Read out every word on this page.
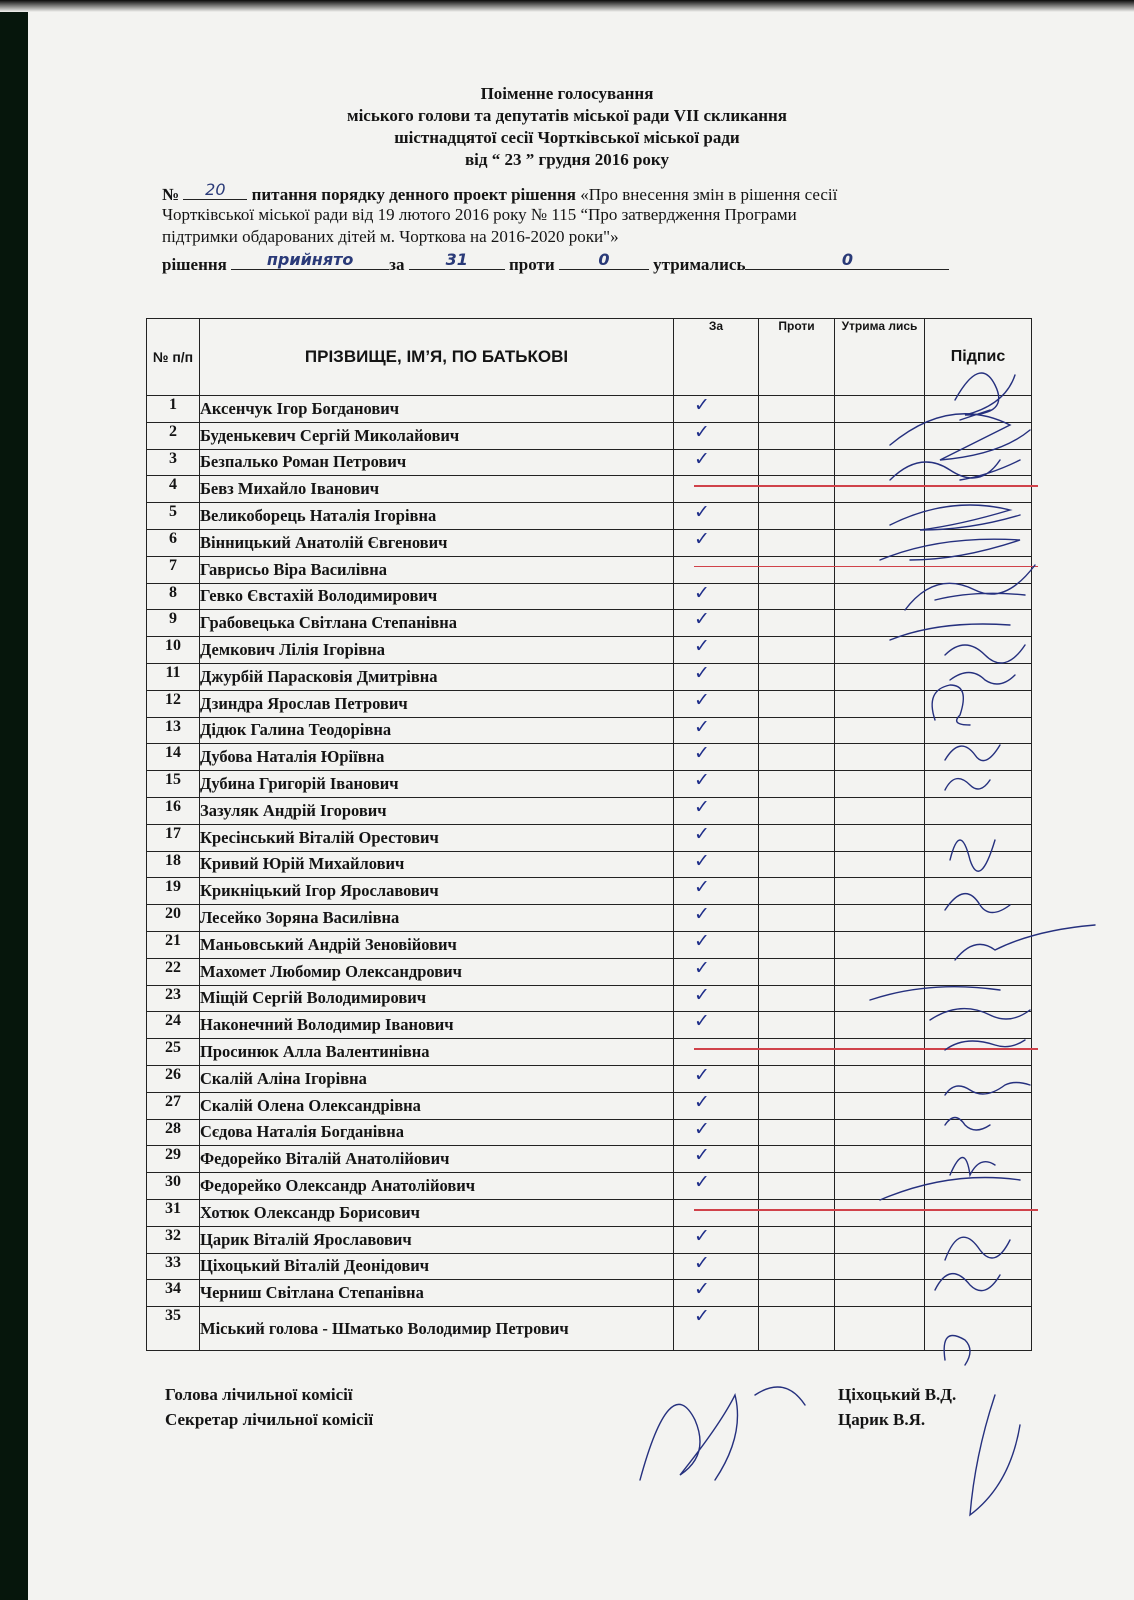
Поіменне голосування
міського голови та депутатів міської ради VII скликання
шістнадцятої сесії Чортківської міської ради
від “ 23 ” грудня 2016 року
№	20	питання порядку денного проект рішення «Про внесення змін в рішення сесії
Чортківської міської ради від 19 лютого 2016 року № 115 “Про затвердження Програми
підтримки обдарованих дітей м. Чорткова на 2016-2020 роки"»
рішення	прийнято	за	31	проти	0	утримались	0
№ п/п	ПРІЗВИЩЕ, ІМ’Я, ПО БАТЬКОВІ	За	Проти	Утрима лись	Підпис
1	Аксенчук Ігор Богданович	✓			

2	Буденькевич Сергій Миколайович	✓			

3	Безпалько Роман Петрович	✓			

4	Бевз Михайло Іванович				
5	Великоборець Наталія Ігорівна	✓			

6	Вінницький Анатолій Євгенович	✓			

7	Гаврисьо Віра Василівна				
8	Гевко Євстахій Володимирович	✓			

9	Грабовецька Світлана Степанівна	✓			

10	Демкович Лілія Ігорівна	✓			

11	Джурбій Парасковія Дмитрівна	✓			

12	Дзиндра Ярослав Петрович	✓			

13	Дідюк Галина Теодорівна	✓			

14	Дубова Наталія Юріївна	✓			

15	Дубина Григорій Іванович	✓			

16	Зазуляк Андрій Ігорович	✓			

17	Кресінський Віталій Орестович	✓			

18	Кривий Юрій Михайлович	✓			

19	Крикніцький Ігор Ярославович	✓			

20	Лесейко Зоряна Василівна	✓			

21	Маньовський Андрій Зеновійович	✓			

22	Махомет Любомир Олександрович	✓			

23	Міщій Сергій Володимирович	✓			

24	Наконечний Володимир Іванович	✓			

25	Просинюк Алла Валентинівна				
26	Скалій Аліна Ігорівна	✓			

27	Скалій Олена Олександрівна	✓			

28	Сєдова Наталія Богданівна	✓			

29	Федорейко Віталій Анатолійович	✓			

30	Федорейко Олександр Анатолійович	✓			

31	Хотюк Олександр Борисович				
32	Царик Віталій Ярославович	✓			

33	Ціхоцький Віталій Деонідович	✓			

34	Черниш Світлана Степанівна	✓			

35	Міський голова - Шматько Володимир Петрович	✓			

Голова лічильної комісії
Секретар лічильної комісії
Ціхоцький В.Д.
Царик В.Я.
